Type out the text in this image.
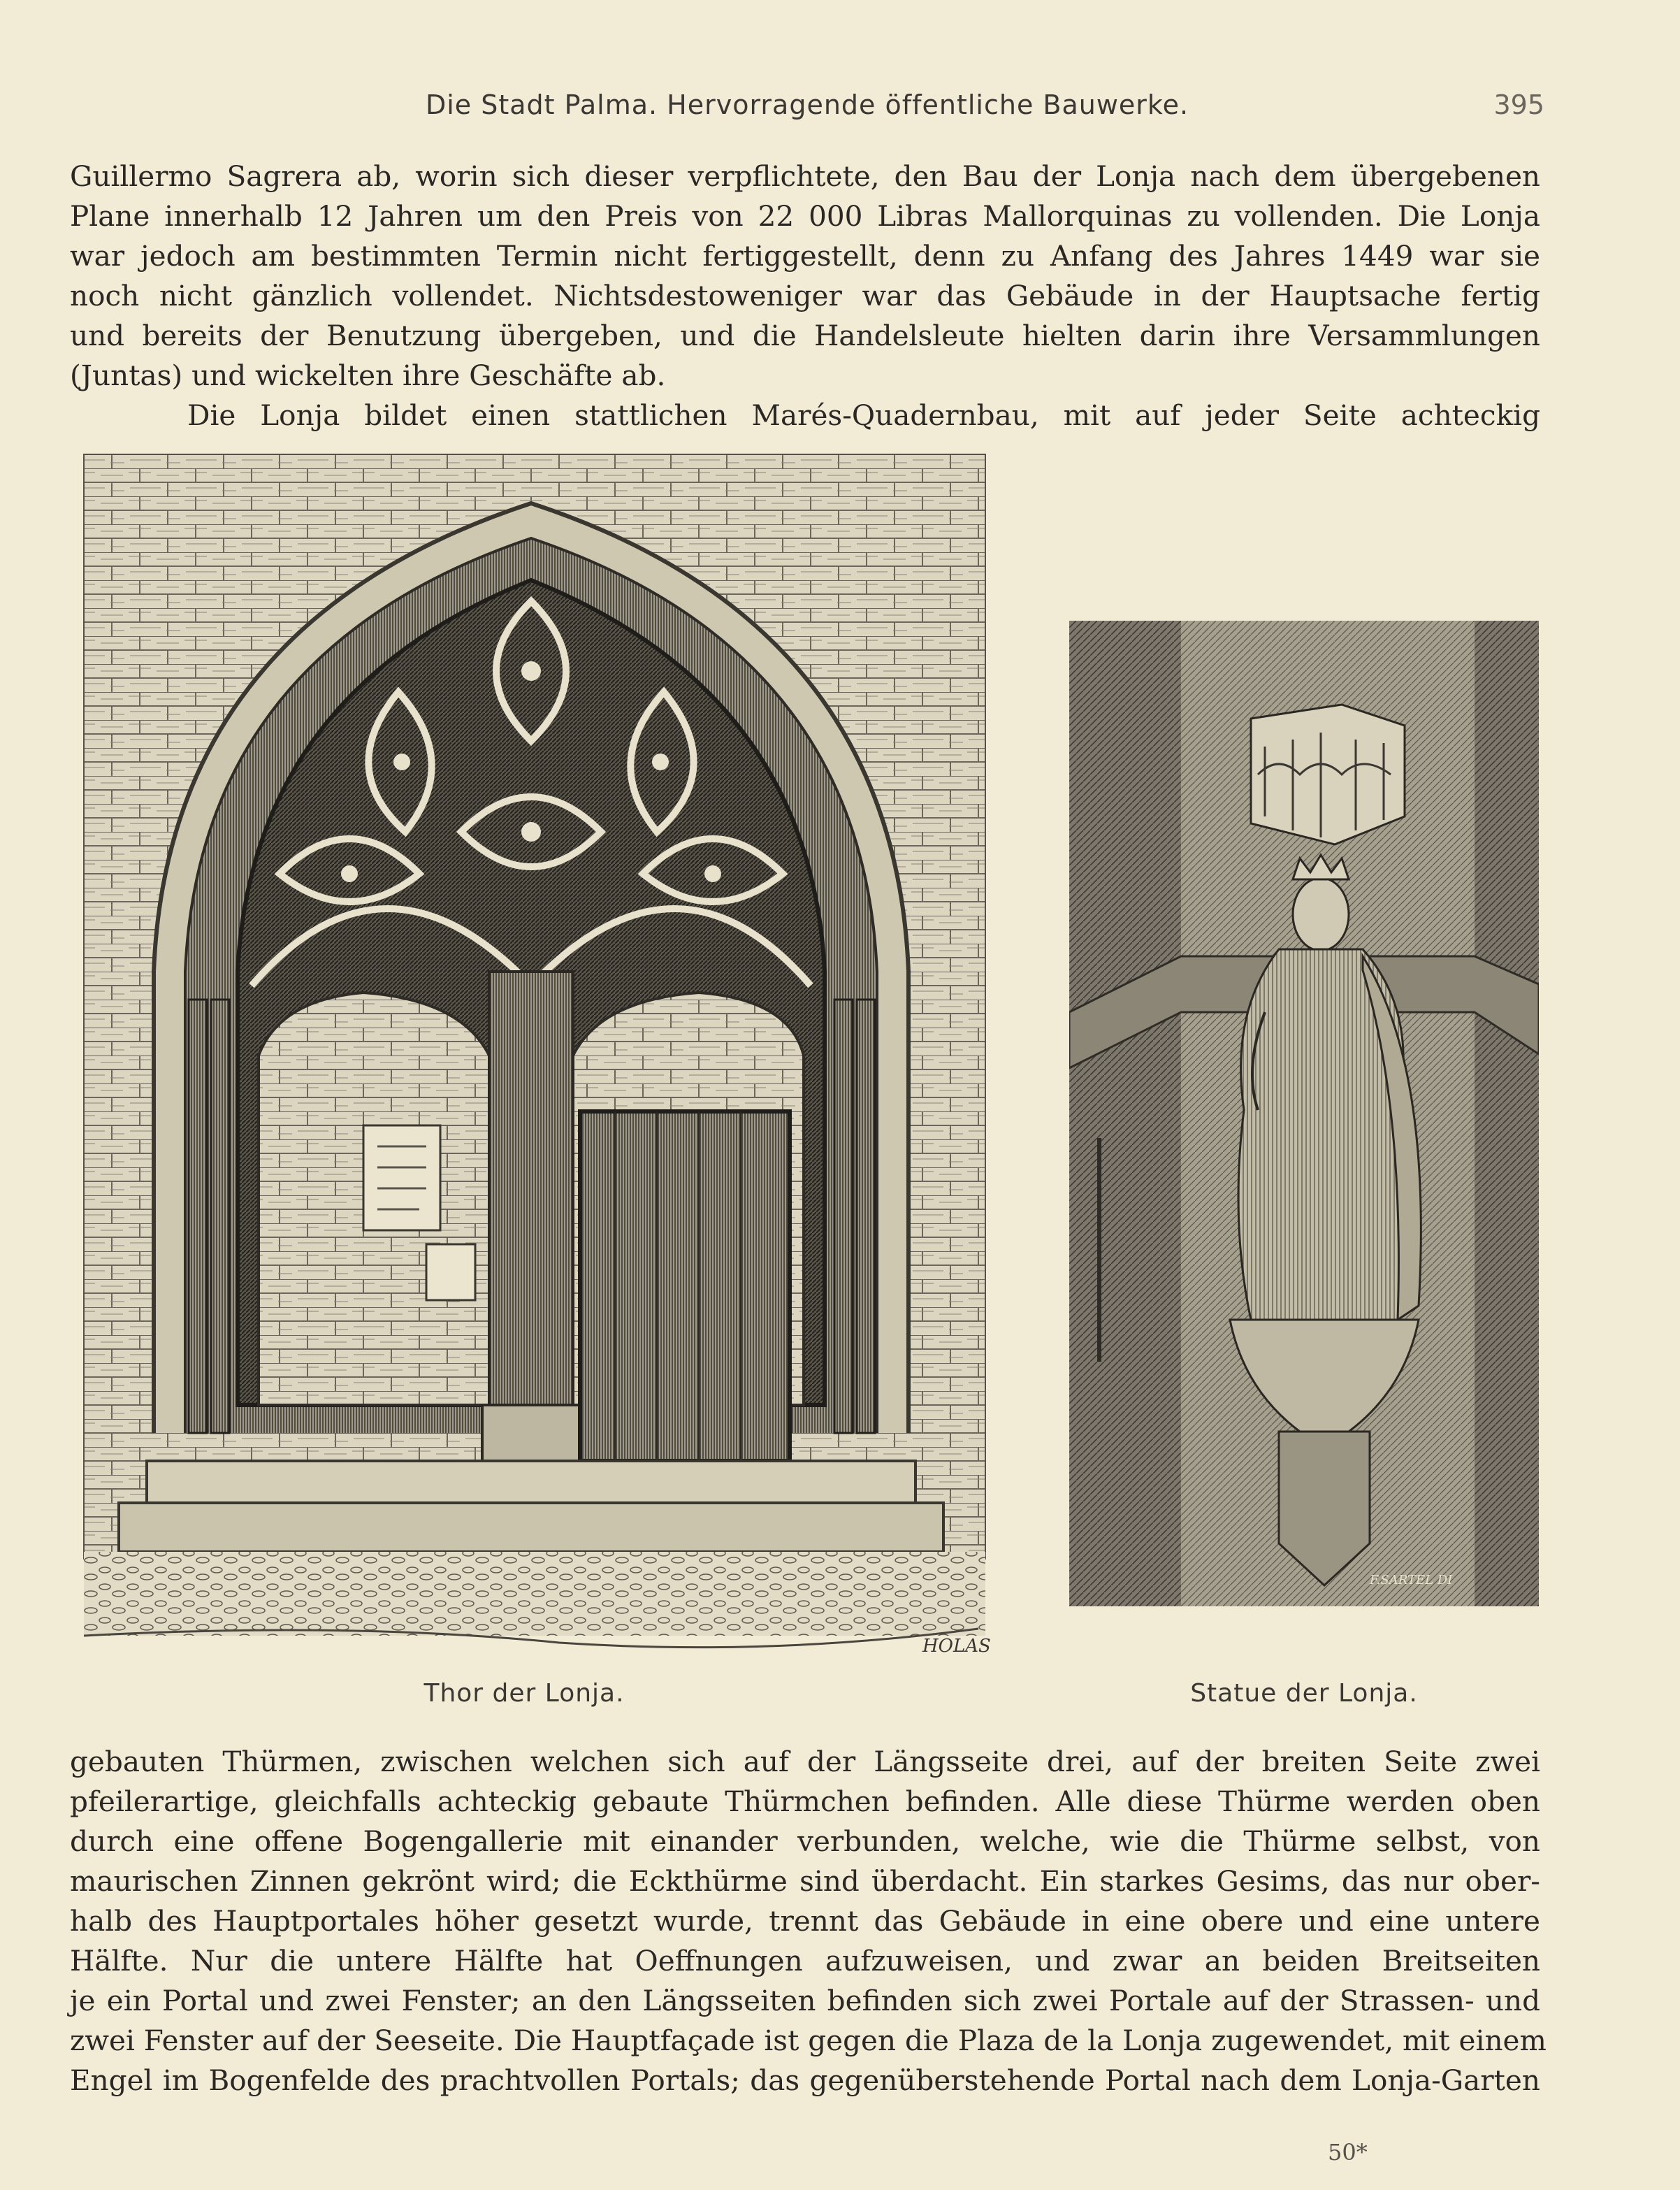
Die Stadt Palma. Hervorragende öffentliche Bauwerke.	395
Guillermo Sagrera ab, worin sich dieser verpflichtete, den Bau der Lonja nach dem übergebenen
Plane innerhalb 12 Jahren um den Preis von 22 000 Libras Mallorquinas zu vollenden. Die Lonja
war jedoch am bestimmten Termin nicht fertiggestellt, denn zu Anfang des Jahres 1449 war sie
noch nicht gänzlich vollendet. Nichtsdestoweniger war das Gebäude in der Hauptsache fertig
und bereits der Benutzung übergeben, und die Handelsleute hielten darin ihre Versammlungen
(Juntas) und wickelten ihre Geschäfte ab.
Die Lonja bildet einen stattlichen Marés-Quadernbau, mit auf jeder Seite achteckig
HOLAS
Thor der Lonja.
F.SARTEL DI
Statue der Lonja.
gebauten Thürmen, zwischen welchen sich auf der Längsseite drei, auf der breiten Seite zwei
pfeilerartige, gleichfalls achteckig gebaute Thürmchen befinden. Alle diese Thürme werden oben
durch eine offene Bogengallerie mit einander verbunden, welche, wie die Thürme selbst, von
maurischen Zinnen gekrönt wird; die Eckthürme sind überdacht. Ein starkes Gesims, das nur ober-
halb des Hauptportales höher gesetzt wurde, trennt das Gebäude in eine obere und eine untere
Hälfte. Nur die untere Hälfte hat Oeffnungen aufzuweisen, und zwar an beiden Breitseiten
je ein Portal und zwei Fenster; an den Längsseiten befinden sich zwei Portale auf der Strassen- und
zwei Fenster auf der Seeseite. Die Hauptfaçade ist gegen die Plaza de la Lonja zugewendet, mit einem
Engel im Bogenfelde des prachtvollen Portals; das gegenüberstehende Portal nach dem Lonja-Garten
50*
